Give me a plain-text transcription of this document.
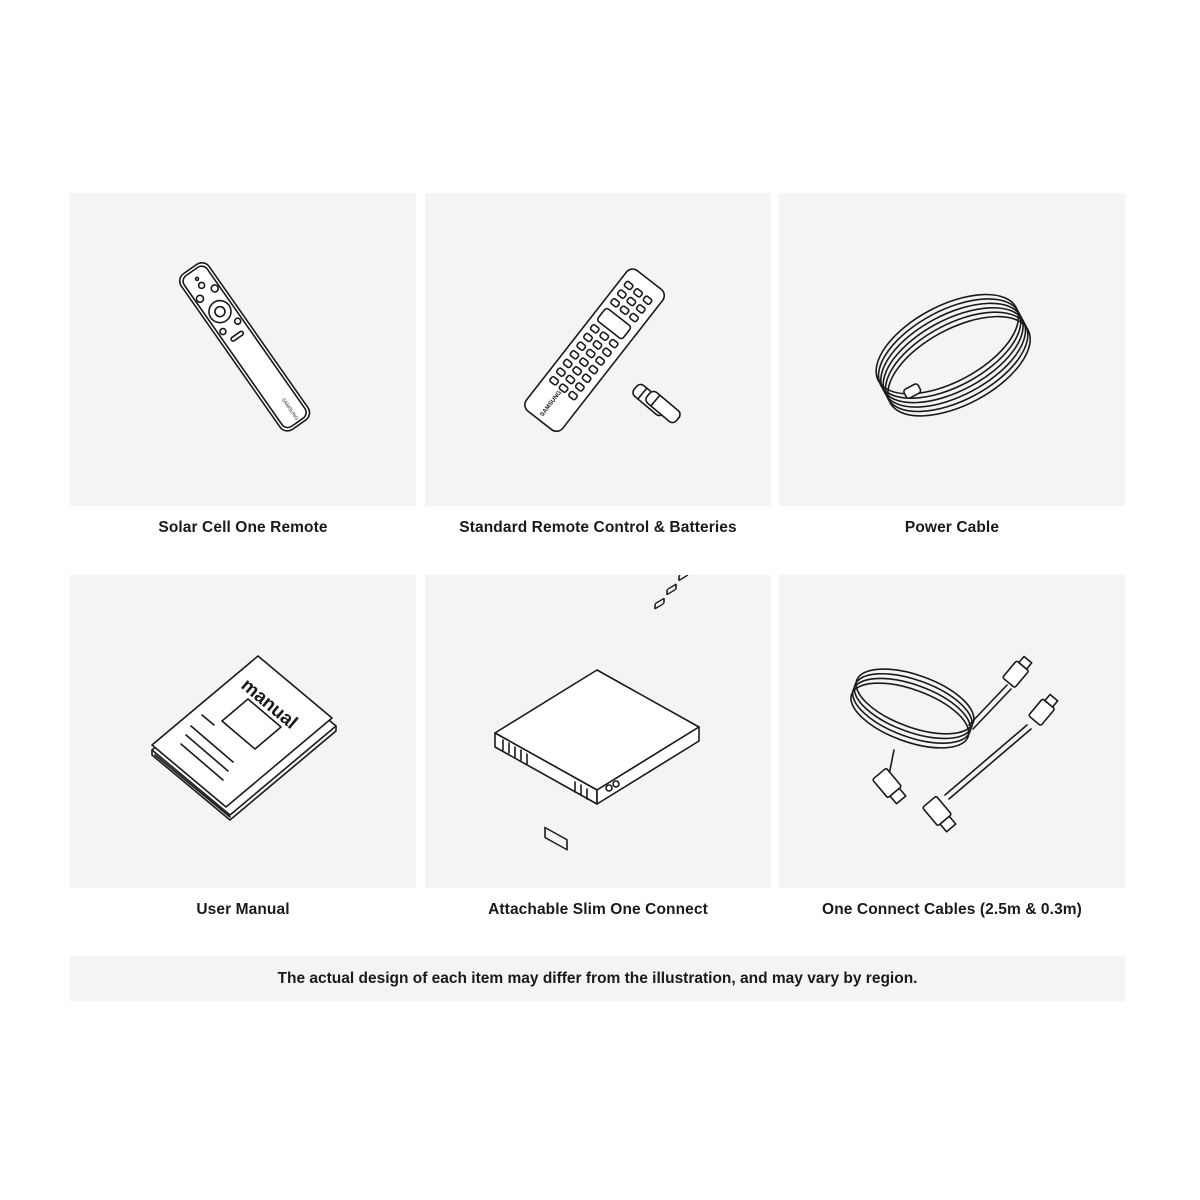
SAMSUNG
Solar Cell One Remote
SAMSUNG
Standard Remote Control & Batteries	Power Cable
manual
User Manual	Attachable Slim One Connect	One Connect Cables (2.5m & 0.3m)
The actual design of each item may differ from the illustration, and may vary by region.
